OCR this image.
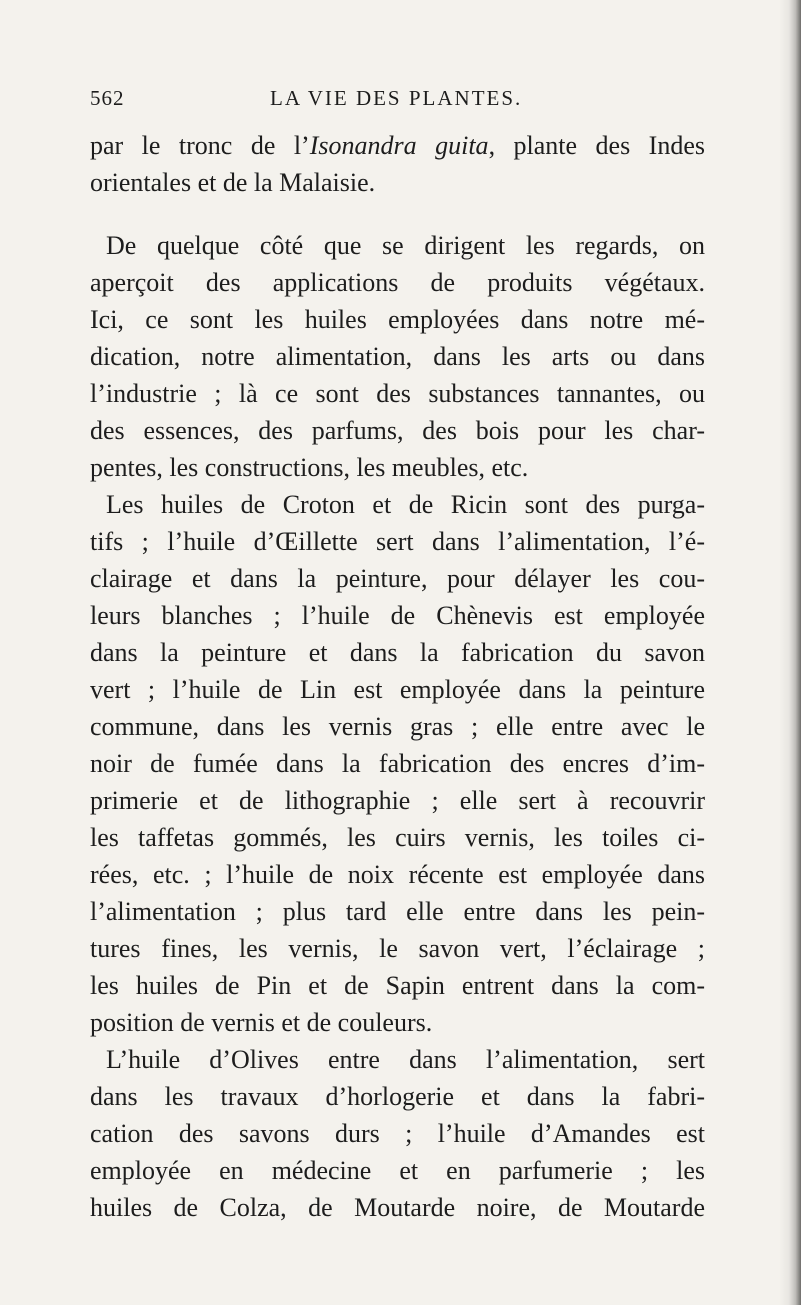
562	LA VIE DES PLANTES.
par le tronc de l’Isonandra guita, plante des Indes
orientales et de la Malaisie.
De quelque côté que se dirigent les regards, on
aperçoit des applications de produits végétaux.
Ici, ce sont les huiles employées dans notre mé-
dication, notre alimentation, dans les arts ou dans
l’industrie ; là ce sont des substances tannantes, ou
des essences, des parfums, des bois pour les char-
pentes, les constructions, les meubles, etc.
Les huiles de Croton et de Ricin sont des purga-
tifs ; l’huile d’Œillette sert dans l’alimentation, l’é-
clairage et dans la peinture, pour délayer les cou-
leurs blanches ; l’huile de Chènevis est employée
dans la peinture et dans la fabrication du savon
vert ; l’huile de Lin est employée dans la peinture
commune, dans les vernis gras ; elle entre avec le
noir de fumée dans la fabrication des encres d’im-
primerie et de lithographie ; elle sert à recouvrir
les taffetas gommés, les cuirs vernis, les toiles ci-
rées, etc. ; l’huile de noix récente est employée dans
l’alimentation ; plus tard elle entre dans les pein-
tures fines, les vernis, le savon vert, l’éclairage ;
les huiles de Pin et de Sapin entrent dans la com-
position de vernis et de couleurs.
L’huile d’Olives entre dans l’alimentation, sert
dans les travaux d’horlogerie et dans la fabri-
cation des savons durs ; l’huile d’Amandes est
employée en médecine et en parfumerie ; les
huiles de Colza, de Moutarde noire, de Moutarde
